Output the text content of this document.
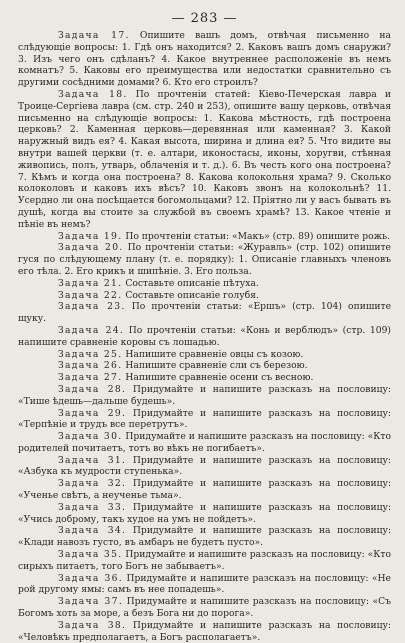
— 283 —

Задача 17. Опишите вашъ домъ, отвѣчая письменно на слѣдующіе вопросы: 1. Гдѣ онъ находится? 2. Каковъ вашъ домъ снаружи? 3. Изъ чего онъ сдѣланъ? 4. Какое внутреннее расположеніе въ немъ комнатъ? 5. Каковы его преимущества или недостатки сравнительно съ другими сосѣдними домами? 6. Кто его строилъ?

Задача 18. По прочтеніи статей: Кіево-Печерская лавра и Троице-Сергіева лавра (см. стр. 240 и 253), опишите вашу церковь, отвѣчая письменно на слѣдующіе вопросы: 1. Какова мѣстность, гдѣ построена церковь? 2. Каменная церковь—деревянная или каменная? 3. Какой наружный видъ ея? 4. Какая высота, ширина и длина ея? 5. Что видите вы внутри вашей церкви (т. е. алтари, иконостасы, иконы, хоругви, стѣнная живопись, полъ, утварь, облаченія и т. д.). 6. Въ честь кого она построена? 7. Кѣмъ и когда она построена? 8. Какова колокольня храма? 9. Сколько колоколовъ и каковъ ихъ вѣсъ? 10. Каковъ звонъ на колокольнѣ? 11. Усердно ли она посѣщается богомольцами? 12. Пріятно ли у васъ бывать въ душѣ, когда вы стоите за службой въ своемъ храмѣ? 13. Какое чтеніе и пѣніе въ немъ?

Задача 19. По прочтеніи статьи: «Макъ» (стр. 89) опишите рожь.

Задача 20. По прочтеніи статьи: «Журавль» (стр. 102) опишите гуся по слѣдующему плану (т. е. порядку): 1. Описаніе главныхъ членовъ его тѣла. 2. Его крикъ и шипѣніе. 3. Его польза.

Задача 21. Составьте описаніе пѣтуха.

Задача 22. Составьте описаніе голубя.

Задача 23. По прочтеніи статьи: «Ершъ» (стр. 104) опишите щуку.

Задача 24. По прочтеніи статьи: «Конь и верблюдъ» (стр. 109) напишите сравненіе коровы съ лошадью.

Задача 25. Напишите сравненіе овцы съ козою.

Задача 26. Напишите сравненіе сли съ березою.

Задача 27. Напишите сравненіе осени съ весною.

Задача 28. Придумайте и напишите разсказъ на пословицу: «Тише ѣдешь—дальше будешь».

Задача 29. Придумайте и напишите разсказъ на пословицу: «Терпѣніе и трудъ все перетрутъ».

Задача 30. Придумайте и напишите разсказъ на пословицу: «Кто родителей почитаетъ, тотъ во вѣкъ не погибаетъ».

Задача 31. Придумайте и напишите разсказъ на пословицу: «Азбука къ мудрости ступенька».

Задача 32. Придумайте и напишите разсказъ на пословицу: «Ученье свѣтъ, а неученье тьма».

Задача 33. Придумайте и напишите разсказъ на пословицу: «Учись доброму, такъ худое на умъ не пойдетъ».

Задача 34. Придумайте и напишите разсказъ на пословицу: «Клади навозъ густо, въ амбаръ не будетъ пусто».

Задача 35. Придумайте и напишите разсказъ на пословицу: «Кто сирыхъ питаетъ, того Богъ не забываетъ».

Задача 36. Придумайте и напишите разсказъ на пословицу: «Не рой другому ямы: самъ въ нее попадешь».

Задача 37. Придумайте и напишите разсказъ на пословицу: «Съ Богомъ хоть за море, а безъ Бога ни до порога».

Задача 38. Придумайте и напишите разсказъ на пословицу: «Человѣкъ предполагаетъ, а Богъ располагаетъ».
